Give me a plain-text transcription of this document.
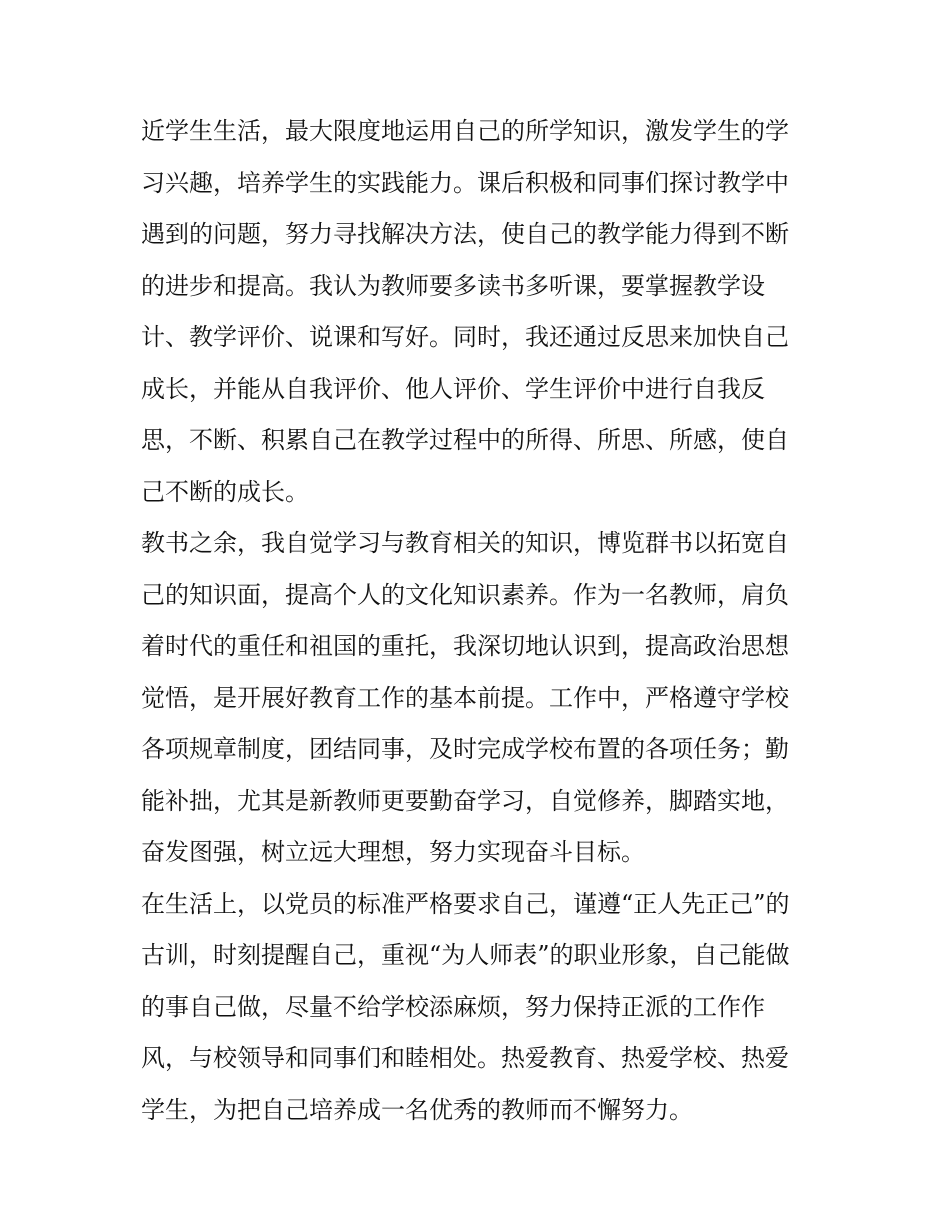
近学生生活，最大限度地运用自己的所学知识，激发学生的学
习兴趣，培养学生的实践能力。课后积极和同事们探讨教学中
遇到的问题，努力寻找解决方法，使自己的教学能力得到不断
的进步和提高。我认为教师要多读书多听课，要掌握教学设
计、教学评价、说课和写好。同时，我还通过反思来加快自己
成长，并能从自我评价、他人评价、学生评价中进行自我反
思，不断、积累自己在教学过程中的所得、所思、所感，使自
己不断的成长。
教书之余，我自觉学习与教育相关的知识，博览群书以拓宽自
己的知识面，提高个人的文化知识素养。作为一名教师，肩负
着时代的重任和祖国的重托，我深切地认识到，提高政治思想
觉悟，是开展好教育工作的基本前提。工作中，严格遵守学校
各项规章制度，团结同事，及时完成学校布置的各项任务；勤
能补拙，尤其是新教师更要勤奋学习，自觉修养，脚踏实地，
奋发图强，树立远大理想，努力实现奋斗目标。
在生活上，以党员的标准严格要求自己，谨遵“正人先正己”的
古训，时刻提醒自己，重视“为人师表”的职业形象，自己能做
的事自己做，尽量不给学校添麻烦，努力保持正派的工作作
风，与校领导和同事们和睦相处。热爱教育、热爱学校、热爱
学生，为把自己培养成一名优秀的教师而不懈努力。
